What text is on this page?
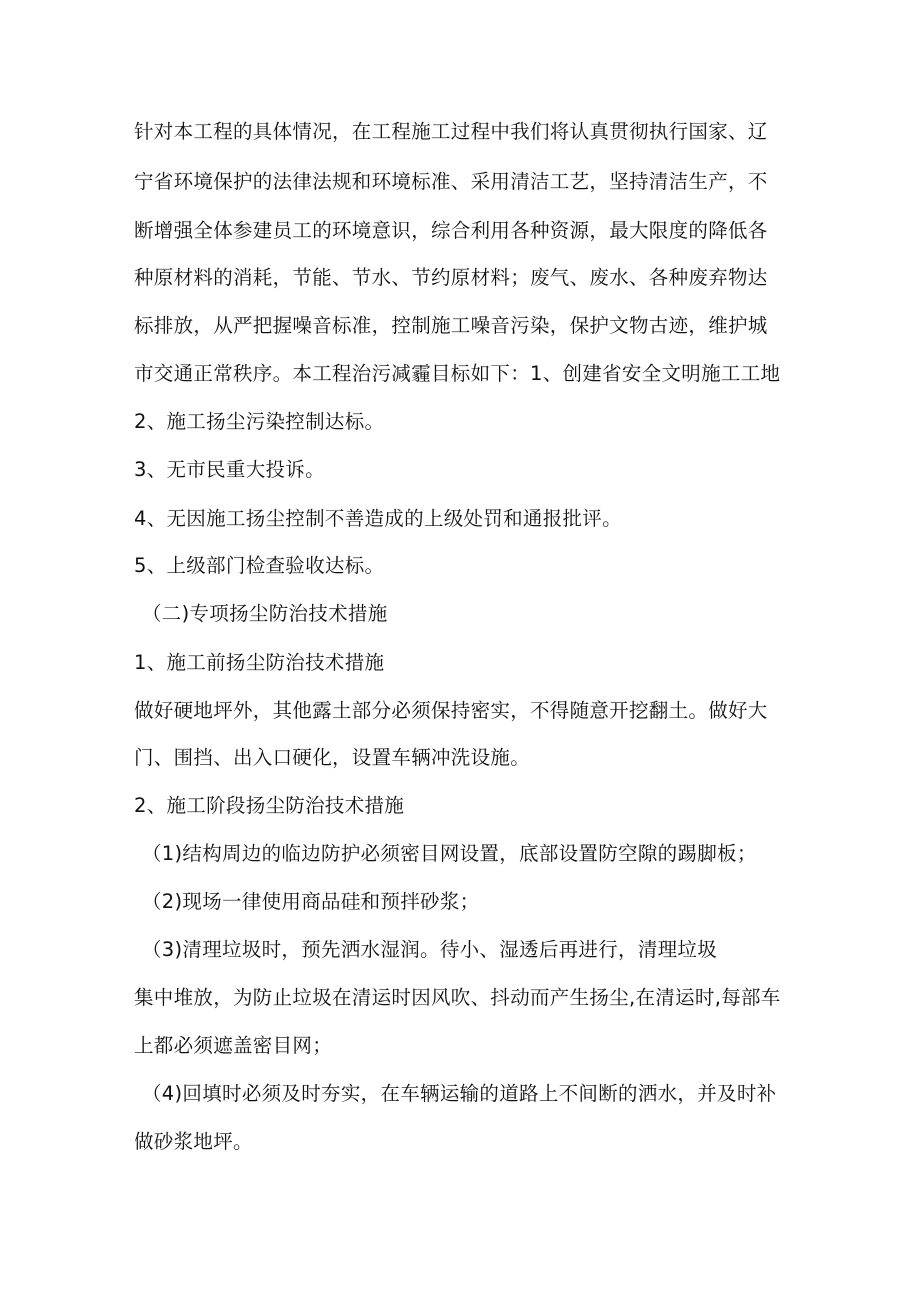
针对本工程的具体情况，在工程施工过程中我们将认真贯彻执行国家、辽
宁省环境保护的法律法规和环境标准、采用清洁工艺，坚持清洁生产，不
断增强全体参建员工的环境意识，综合利用各种资源，最大限度的降低各
种原材料的消耗，节能、节水、节约原材料；废气、废水、各种废弃物达
标排放，从严把握噪音标准，控制施工噪音污染，保护文物古迹，维护城
市交通正常秩序。本工程治污减霾目标如下：1、创建省安全文明施工工地
2、施工扬尘污染控制达标。
3、无市民重大投诉。
4、无因施工扬尘控制不善造成的上级处罚和通报批评。
5、上级部门检查验收达标。
（二)专项扬尘防治技术措施
1、施工前扬尘防治技术措施
做好硬地坪外，其他露土部分必须保持密实，不得随意开挖翻土。做好大
门、围挡、出入口硬化，设置车辆冲洗设施。
2、施工阶段扬尘防治技术措施
（1)结构周边的临边防护必须密目网设置，底部设置防空隙的踢脚板；
（2)现场一律使用商品硅和预拌砂浆；
（3)清理垃圾时，预先洒水湿润。待小、湿透后再进行，清理垃圾
集中堆放，为防止垃圾在清运时因风吹、抖动而产生扬尘,在清运时,每部车
上都必须遮盖密目网；
（4)回填时必须及时夯实，在车辆运输的道路上不间断的洒水，并及时补
做砂浆地坪。
